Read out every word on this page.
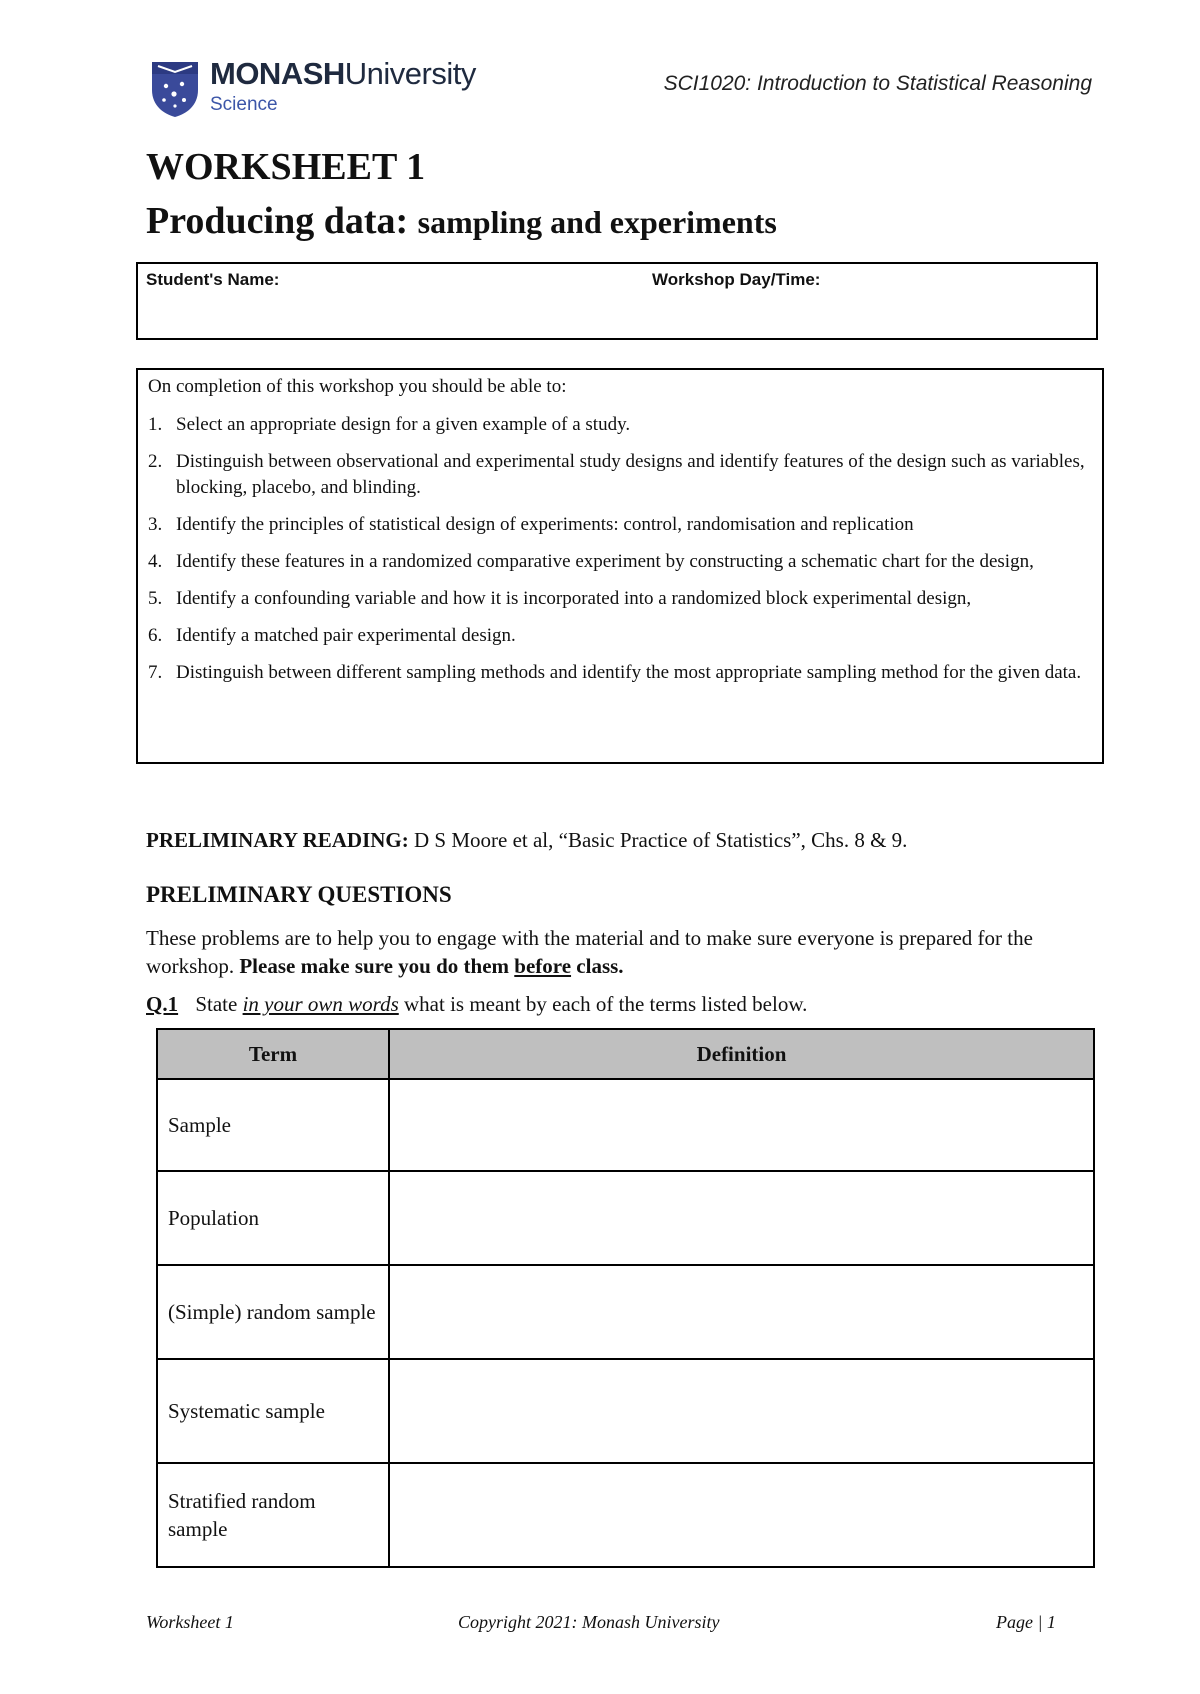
MONASHUniversity
Science
SCI1020: Introduction to Statistical Reasoning
WORKSHEET 1
Producing data: sampling and experiments
Student's Name:	Workshop Day/Time:

On completion of this workshop you should be able to:

1. Select an appropriate design for a given example of a study.
2. Distinguish between observational and experimental study designs and identify features of the design such as variables, blocking, placebo, and blinding.
3. Identify the principles of statistical design of experiments: control, randomisation and replication
4. Identify these features in a randomized comparative experiment by constructing a schematic chart for the design,
5. Identify a confounding variable and how it is incorporated into a randomized block experimental design,
6. Identify a matched pair experimental design.
7. Distinguish between different sampling methods and identify the most appropriate sampling method for the given data.
PRELIMINARY READING: D S Moore et al, “Basic Practice of Statistics”, Chs. 8 & 9.
PRELIMINARY QUESTIONS
These problems are to help you to engage with the material and to make sure everyone is prepared for the workshop. Please make sure you do them before class.
Q.1 State in your own words what is meant by each of the terms listed below.
Term	Definition
Sample	
Population	
(Simple) random sample	
Systematic sample	
Stratified random sample	
Worksheet 1	Copyright 2021: Monash University	Page | 1
